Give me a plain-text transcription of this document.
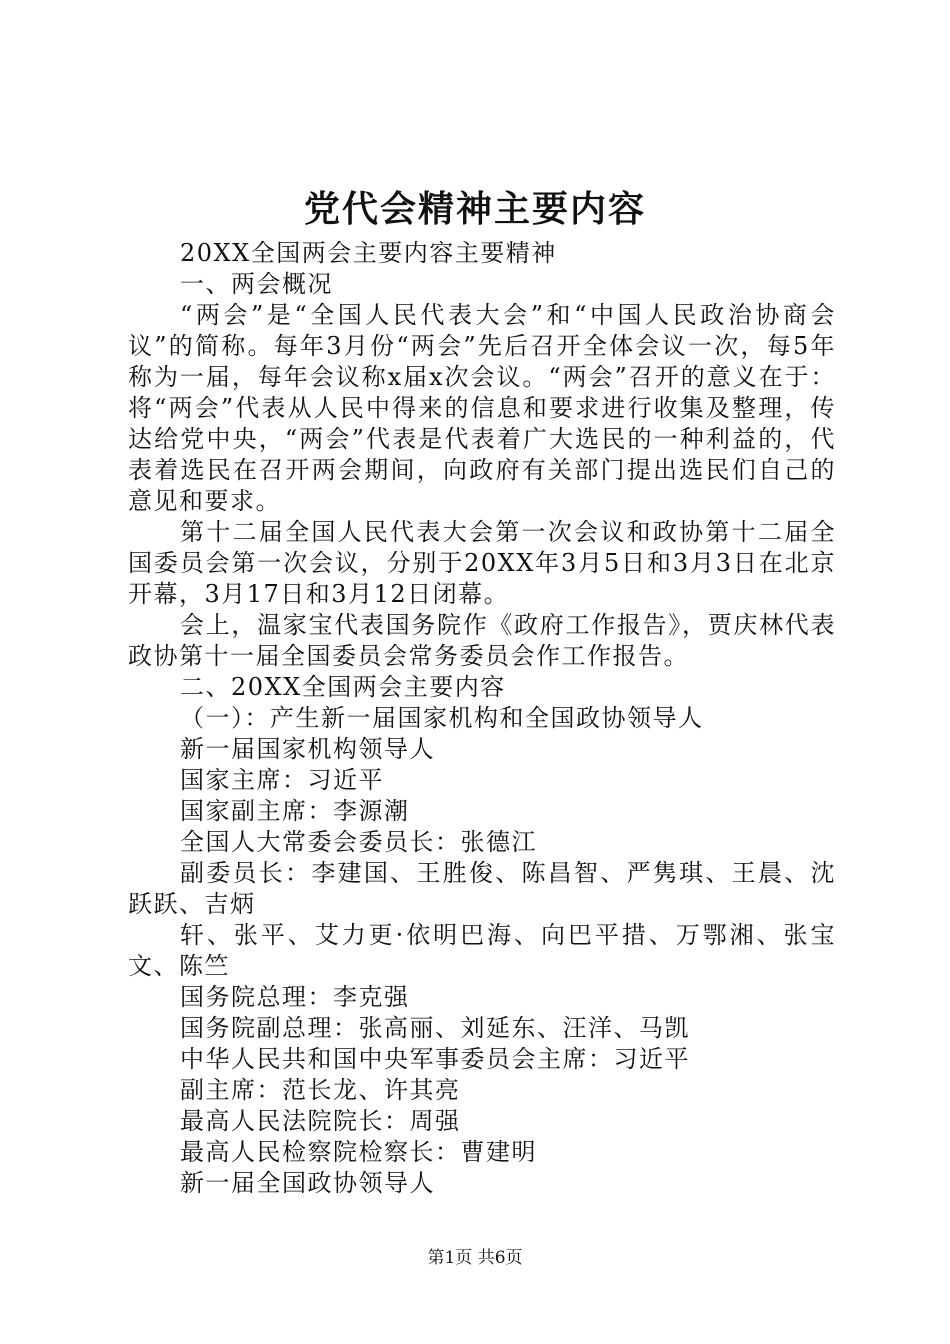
党代会精神主要内容

20XX全国两会主要内容主要精神

一、两会概况

“两会”是“全国人民代表大会”和“中国人民政治协商会议”的简称。每年3月份“两会”先后召开全体会议一次，每5年称为一届，每年会议称x届x次会议。“两会”召开的意义在于：将“两会”代表从人民中得来的信息和要求进行收集及整理，传达给党中央，“两会”代表是代表着广大选民的一种利益的，代表着选民在召开两会期间，向政府有关部门提出选民们自己的意见和要求。

第十二届全国人民代表大会第一次会议和政协第十二届全国委员会第一次会议，分别于20XX年3月5日和3月3日在北京开幕，3月17日和3月12日闭幕。

会上，温家宝代表国务院作《政府工作报告》，贾庆林代表政协第十一届全国委员会常务委员会作工作报告。

二、20XX全国两会主要内容

（一）：产生新一届国家机构和全国政协领导人

新一届国家机构领导人

国家主席：习近平

国家副主席：李源潮

全国人大常委会委员长：张德江

副委员长：李建国、王胜俊、陈昌智、严隽琪、王晨、沈跃跃、吉炳

轩、张平、艾力更·依明巴海、向巴平措、万鄂湘、张宝文、陈竺

国务院总理：李克强

国务院副总理：张高丽、刘延东、汪洋、马凯

中华人民共和国中央军事委员会主席：习近平

副主席：范长龙、许其亮

最高人民法院院长：周强

最高人民检察院检察长：曹建明

新一届全国政协领导人

第1页 共6页
